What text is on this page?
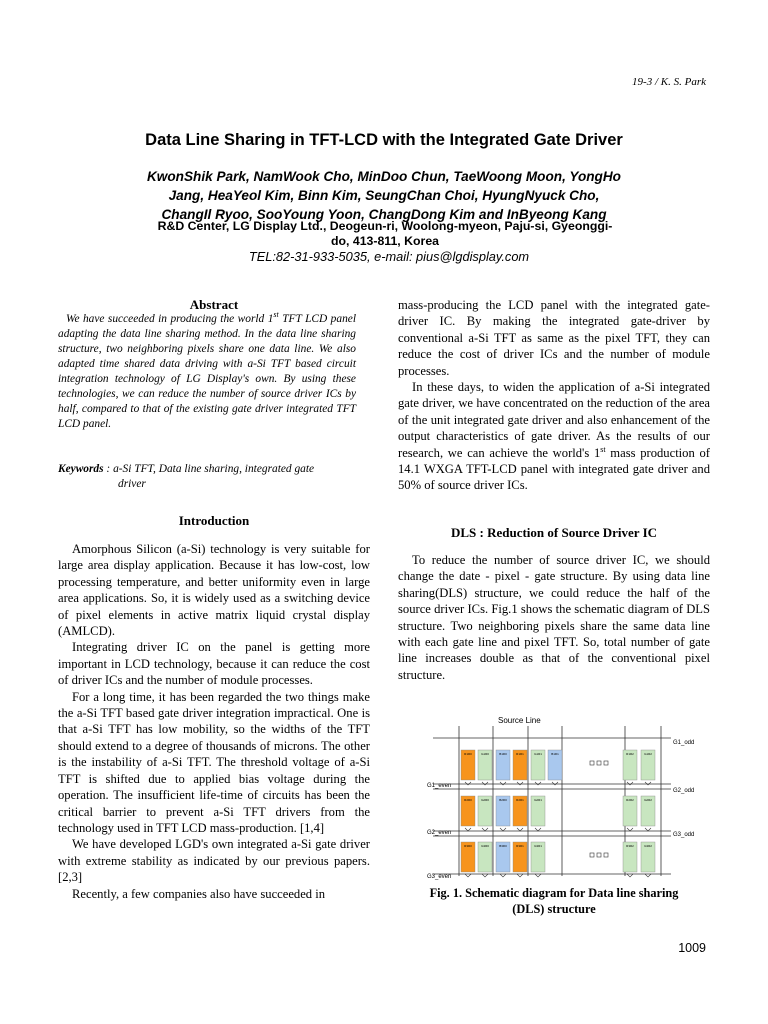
19-3 / K. S. Park
Data Line Sharing in TFT-LCD with the Integrated Gate Driver
KwonShik Park, NamWook Cho, MinDoo Chun, TaeWoong Moon, YongHo
Jang, HeaYeol Kim, Binn Kim, SeungChan Choi, HyungNyuck Cho,
ChangIl Ryoo, SooYoung Yoon, ChangDong Kim and InByeong Kang
R&D Center, LG Display Ltd., Deogeun-ri, Woolong-myeon, Paju-si, Gyeonggi-
do, 413-811, Korea
TEL:82-31-933-5035, e-mail: pius@lgdisplay.com
Abstract

We have succeeded in producing the world 1st TFT LCD panel adapting the data line sharing method. In the data line sharing structure, two neighboring pixels share one data line. We also adapted time shared data driving with a-Si TFT based circuit integration technology of LG Display's own. By using these technologies, we can reduce the number of source driver ICs by half, compared to that of the existing gate driver integrated TFT LCD panel.

Keywords : a-Si TFT, Data line sharing, integrated gate
driver
Introduction

Amorphous Silicon (a-Si) technology is very suitable for large area display application. Because it has low-cost, low processing temperature, and better uniformity even in large area applications. So, it is widely used as a switching device of pixel elements in active matrix liquid crystal display (AMLCD).

Integrating driver IC on the panel is getting more important in LCD technology, because it can reduce the cost of driver ICs and the number of module processes.

For a long time, it has been regarded the two things make the a-Si TFT based gate driver integration impractical. One is that a-Si TFT has low mobility, so the widths of the TFT should extend to a degree of thousands of microns. The other is the instability of a-Si TFT. The threshold voltage of a-Si TFT is shifted due to applied bias voltage during the operation. The insufficient life-time of circuits has been the critical barrier to prevent a-Si TFT drivers from the technology used in TFT LCD mass-production. [1,4]

We have developed LGD's own integrated a-Si gate driver with extreme stability as indicated by our previous papers. [2,3]

Recently, a few companies also have succeeded in

mass-producing the LCD panel with the integrated gate-driver IC. By making the integrated gate-driver by conventional a-Si TFT as same as the pixel TFT, they can reduce the cost of driver ICs and the number of module processes.

In these days, to widen the application of a-Si integrated gate driver, we have concentrated on the reduction of the area of the unit integrated gate driver and also enhancement of the output characteristics of gate driver. As the results of our research, we can achieve the world's 1st mass production of 14.1 WXGA TFT-LCD panel with integrated gate driver and 50% of source driver ICs.

DLS : Reduction of Source Driver IC

To reduce the number of source driver IC, we should change the date - pixel - gate structure. By using data line sharing(DLS) structure, we could reduce the half of the source driver ICs. Fig.1 shows the schematic diagram of DLS structure. Two neighboring pixels share the same data line with each gate line and pixel TFT. So, total number of gate line increases double as that of the conventional pixel structure.

Source Line
G1_odd
G1_even
G2_odd
G2_even	G3_odd
G3_even
R1R0	G1R0	B1R0	R1R1	G1R1	B1R1	R1R2	G1R2
R2R0	G2R0	B2R0	R2R1	G2R1	R2R2	G2R2
R3R0	G3R0	B3R0	R3R1	G3R1	R3R2	G3R2
Fig. 1. Schematic diagram for Data line sharing
(DLS) structure
1009
